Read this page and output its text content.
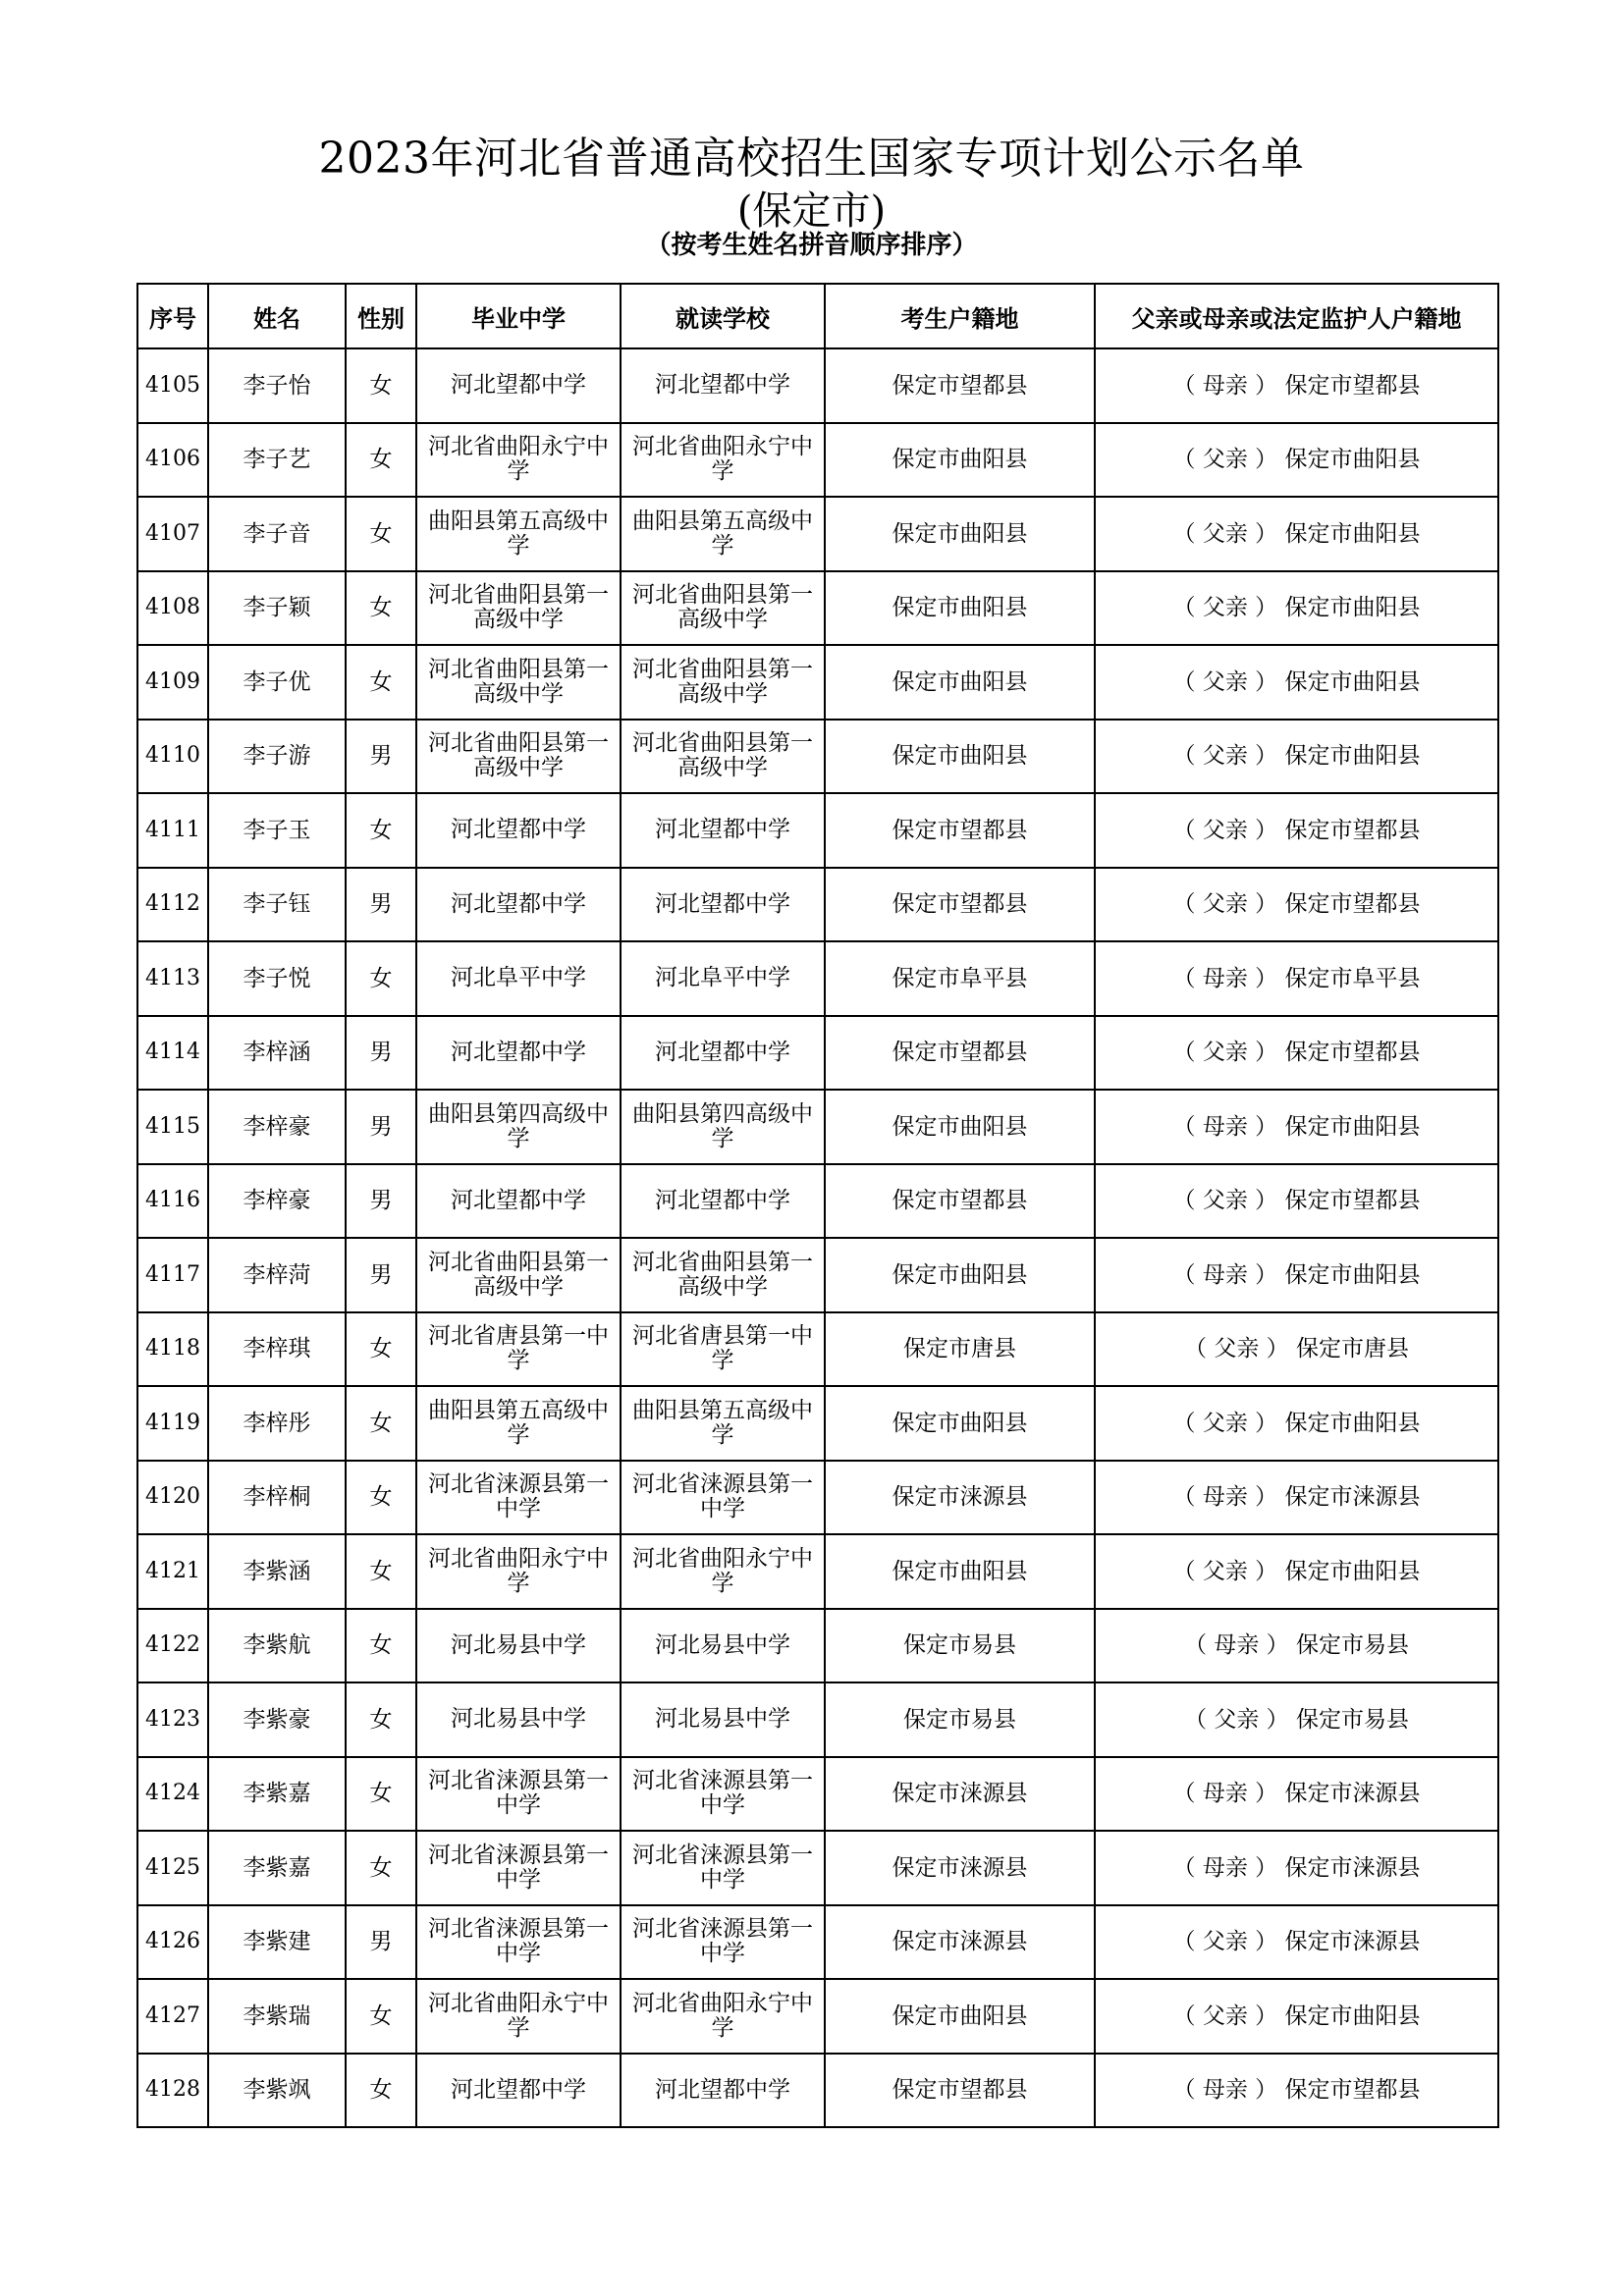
2023年河北省普通高校招生国家专项计划公示名单
(保定市)
（按考生姓名拼音顺序排序）
序号	姓名	性别	毕业中学	就读学校	考生户籍地	父亲或母亲或法定监护人户籍地
4105	李子怡	女	河北望都中学	河北望都中学	保定市望都县	（ 母亲 ） 保定市望都县
4106	李子艺	女	河北省曲阳永宁中学	河北省曲阳永宁中学	保定市曲阳县	（ 父亲 ） 保定市曲阳县
4107	李子音	女	曲阳县第五高级中学	曲阳县第五高级中学	保定市曲阳县	（ 父亲 ） 保定市曲阳县
4108	李子颖	女	河北省曲阳县第一高级中学	河北省曲阳县第一高级中学	保定市曲阳县	（ 父亲 ） 保定市曲阳县
4109	李子优	女	河北省曲阳县第一高级中学	河北省曲阳县第一高级中学	保定市曲阳县	（ 父亲 ） 保定市曲阳县
4110	李子游	男	河北省曲阳县第一高级中学	河北省曲阳县第一高级中学	保定市曲阳县	（ 父亲 ） 保定市曲阳县
4111	李子玉	女	河北望都中学	河北望都中学	保定市望都县	（ 父亲 ） 保定市望都县
4112	李子钰	男	河北望都中学	河北望都中学	保定市望都县	（ 父亲 ） 保定市望都县
4113	李子悦	女	河北阜平中学	河北阜平中学	保定市阜平县	（ 母亲 ） 保定市阜平县
4114	李梓涵	男	河北望都中学	河北望都中学	保定市望都县	（ 父亲 ） 保定市望都县
4115	李梓豪	男	曲阳县第四高级中学	曲阳县第四高级中学	保定市曲阳县	（ 母亲 ） 保定市曲阳县
4116	李梓豪	男	河北望都中学	河北望都中学	保定市望都县	（ 父亲 ） 保定市望都县
4117	李梓菏	男	河北省曲阳县第一高级中学	河北省曲阳县第一高级中学	保定市曲阳县	（ 母亲 ） 保定市曲阳县
4118	李梓琪	女	河北省唐县第一中学	河北省唐县第一中学	保定市唐县	（ 父亲 ） 保定市唐县
4119	李梓彤	女	曲阳县第五高级中学	曲阳县第五高级中学	保定市曲阳县	（ 父亲 ） 保定市曲阳县
4120	李梓桐	女	河北省涞源县第一中学	河北省涞源县第一中学	保定市涞源县	（ 母亲 ） 保定市涞源县
4121	李紫涵	女	河北省曲阳永宁中学	河北省曲阳永宁中学	保定市曲阳县	（ 父亲 ） 保定市曲阳县
4122	李紫航	女	河北易县中学	河北易县中学	保定市易县	（ 母亲 ） 保定市易县
4123	李紫豪	女	河北易县中学	河北易县中学	保定市易县	（ 父亲 ） 保定市易县
4124	李紫嘉	女	河北省涞源县第一中学	河北省涞源县第一中学	保定市涞源县	（ 母亲 ） 保定市涞源县
4125	李紫嘉	女	河北省涞源县第一中学	河北省涞源县第一中学	保定市涞源县	（ 母亲 ） 保定市涞源县
4126	李紫建	男	河北省涞源县第一中学	河北省涞源县第一中学	保定市涞源县	（ 父亲 ） 保定市涞源县
4127	李紫瑞	女	河北省曲阳永宁中学	河北省曲阳永宁中学	保定市曲阳县	（ 父亲 ） 保定市曲阳县
4128	李紫飒	女	河北望都中学	河北望都中学	保定市望都县	（ 母亲 ） 保定市望都县
